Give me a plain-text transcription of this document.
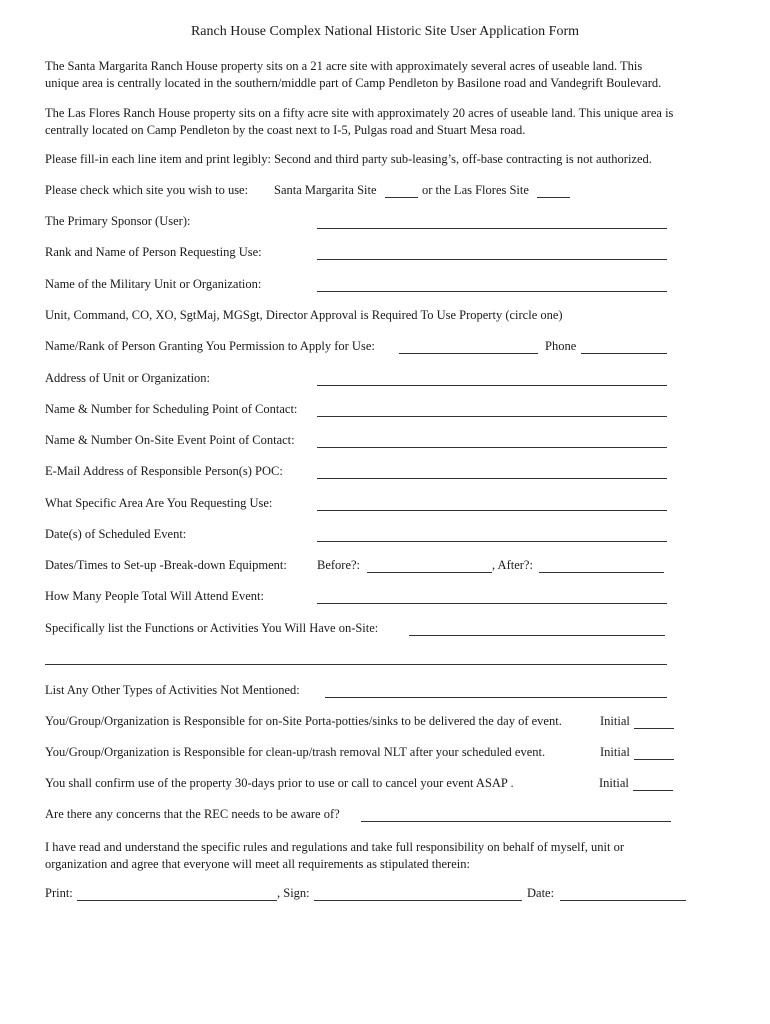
Ranch House Complex National Historic Site User Application Form
The Santa Margarita Ranch House property sits on a 21 acre site with approximately several acres of useable land. This
unique area is centrally located in the southern/middle part of Camp Pendleton by Basilone road and Vandegrift Boulevard.
The Las Flores Ranch House property sits on a fifty acre site with approximately 20 acres of useable land. This unique area is
centrally located on Camp Pendleton by the coast next to I-5, Pulgas road and Stuart Mesa road.
Please fill-in each line item and print legibly: Second and third party sub-leasing’s, off-base contracting is not authorized.
Please check which site you wish to use: Santa Margarita Site	or the Las Flores Site
The Primary Sponsor (User):
Rank and Name of Person Requesting Use:
Name of the Military Unit or Organization:
Unit, Command, CO, XO, SgtMaj, MGSgt, Director Approval is Required To Use Property (circle one)
Name/Rank of Person Granting You Permission to Apply for Use:	Phone
Address of Unit or Organization:
Name & Number for Scheduling Point of Contact:
Name & Number On-Site Event Point of Contact:
E-Mail Address of Responsible Person(s) POC:
What Specific Area Are You Requesting Use:
Date(s) of Scheduled Event:
Dates/Times to Set-up -Break-down Equipment: Before?:	, After?:
How Many People Total Will Attend Event:
Specifically list the Functions or Activities You Will Have on-Site:
List Any Other Types of Activities Not Mentioned:
You/Group/Organization is Responsible for on-Site Porta-potties/sinks to be delivered the day of event.	Initial
You/Group/Organization is Responsible for clean-up/trash removal NLT after your scheduled event.	Initial
You shall confirm use of the property 30-days prior to use or call to cancel your event ASAP .	Initial
Are there any concerns that the REC needs to be aware of?
I have read and understand the specific rules and regulations and take full responsibility on behalf of myself, unit or
organization and agree that everyone will meet all requirements as stipulated therein:
Print:	, Sign:	Date:
